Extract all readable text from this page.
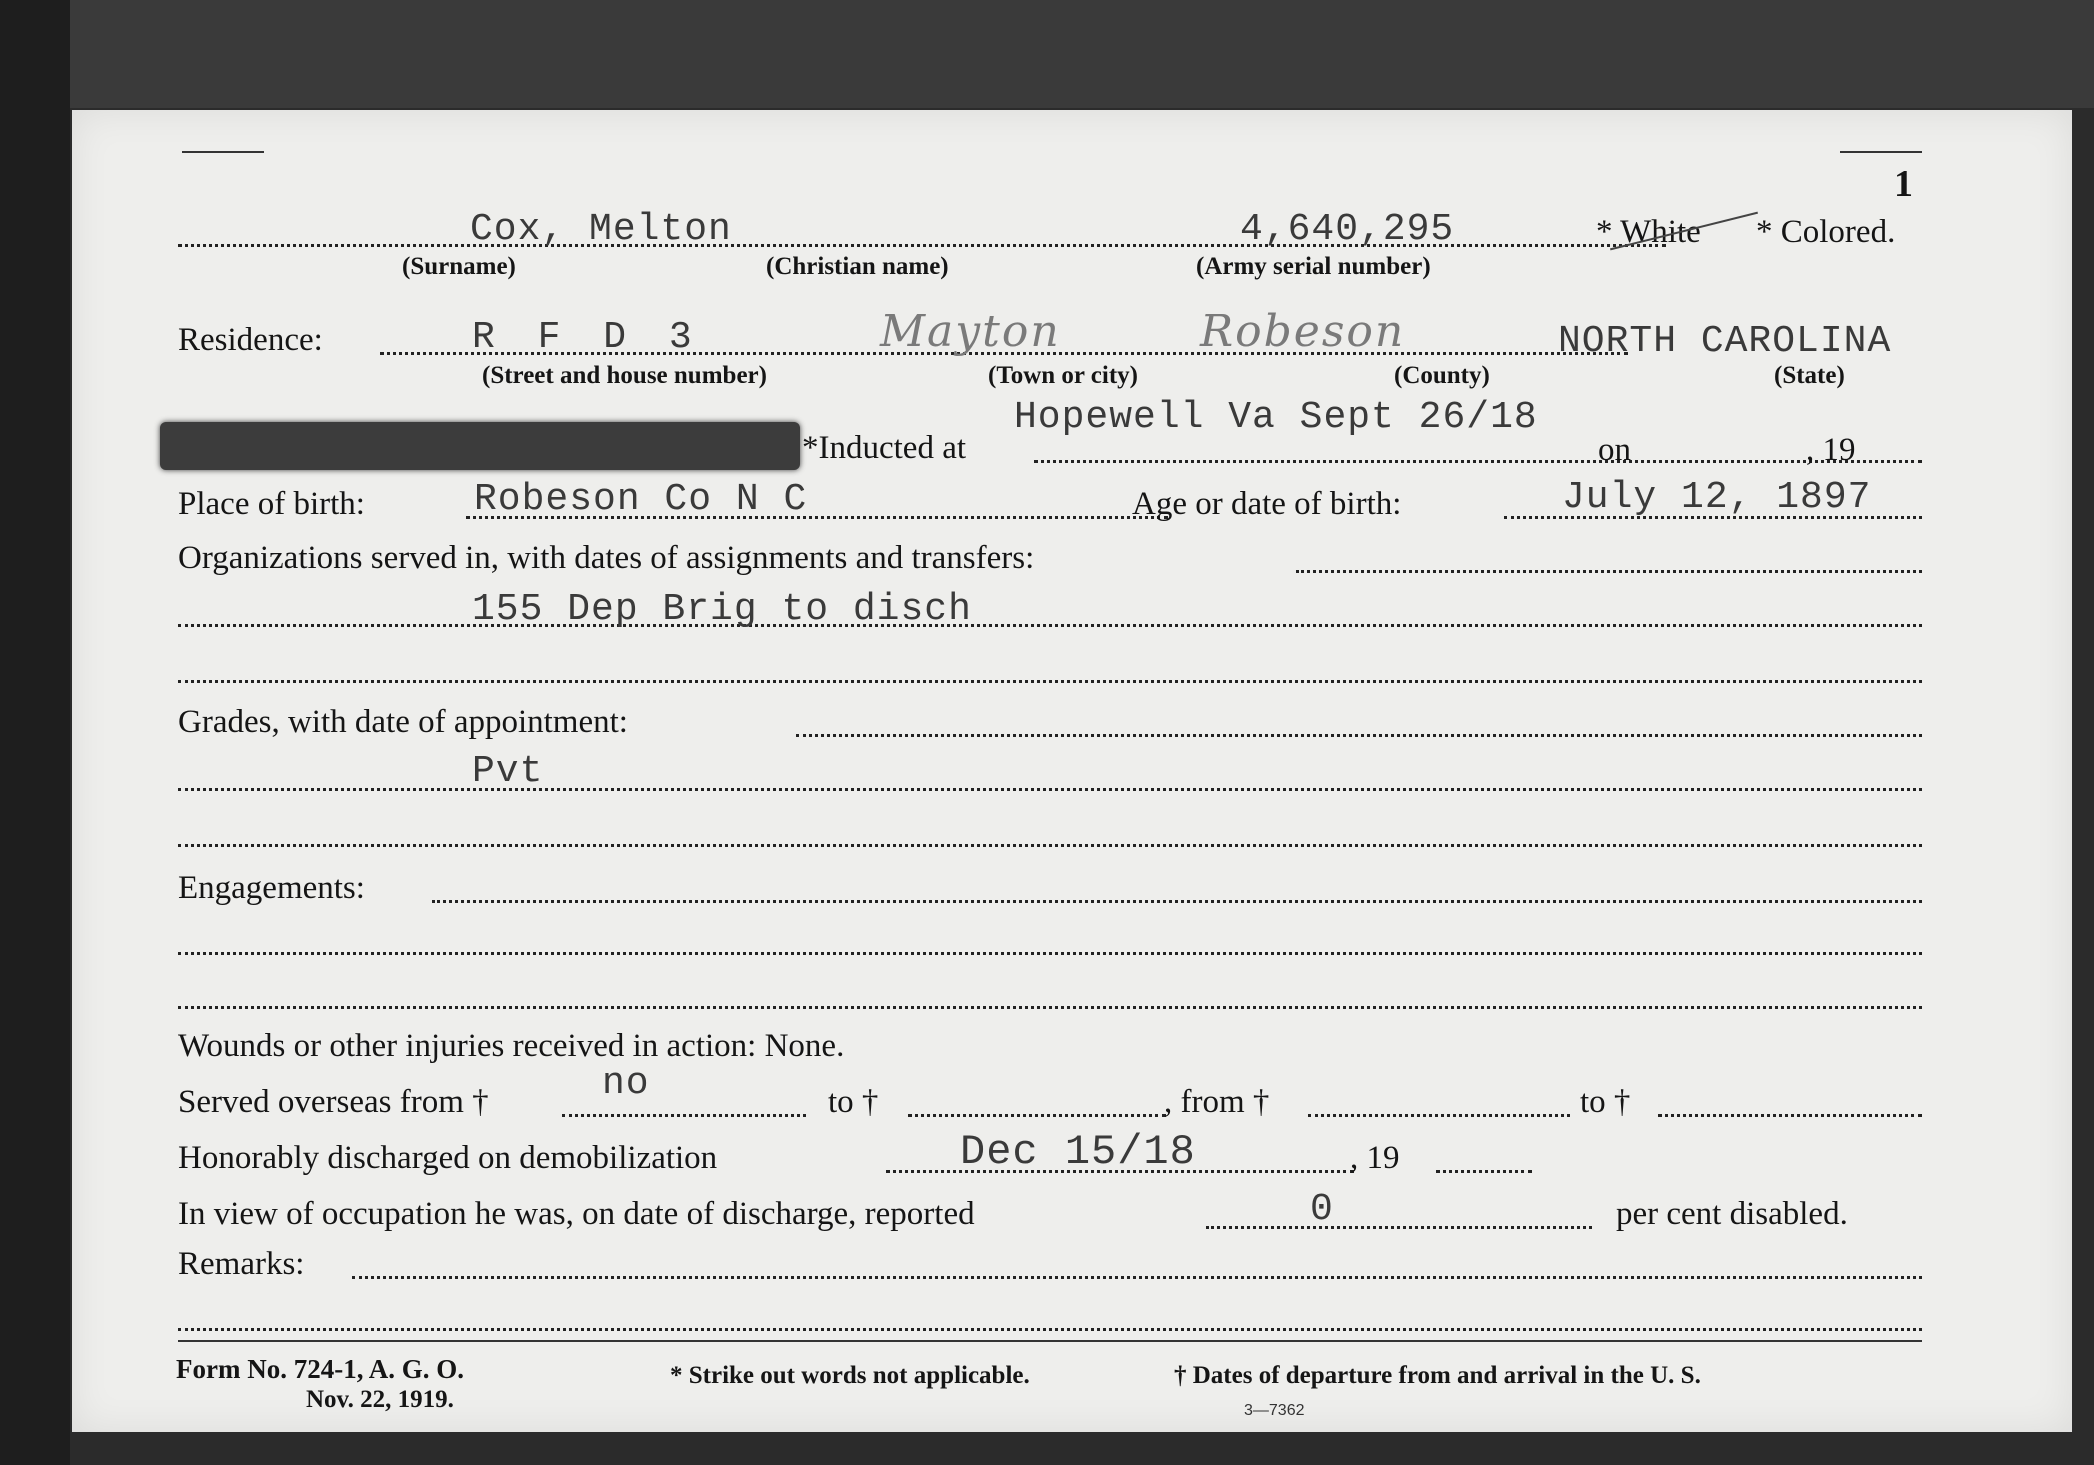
1
Cox, Melton	4,640,295	* White * Colored.
(Surname)	(Christian name)	(Army serial number)
Residence:	R F D 3	Mayton	Robeson	NORTH CAROLINA
(Street and house number)	(Town or city)	(County)	(State)
*Inducted at
Hopewell Va Sept 26/18
on	, 19
Place of birth:	Robeson Co N C	Age or date of birth:	July 12, 1897
Organizations served in, with dates of assignments and transfers:
155 Dep Brig to disch
Grades, with date of appointment:
Pvt
Engagements:
Wounds or other injuries received in action: None.
Served overseas from †	no	to †	, from †	to †
Honorably discharged on demobilization	Dec 15/18	, 19
In view of occupation he was, on date of discharge, reported	0	per cent disabled.
Remarks:
Form No. 724-1, A. G. O.
Nov. 22, 1919.
* Strike out words not applicable.	† Dates of departure from and arrival in the U. S.
3—7362
